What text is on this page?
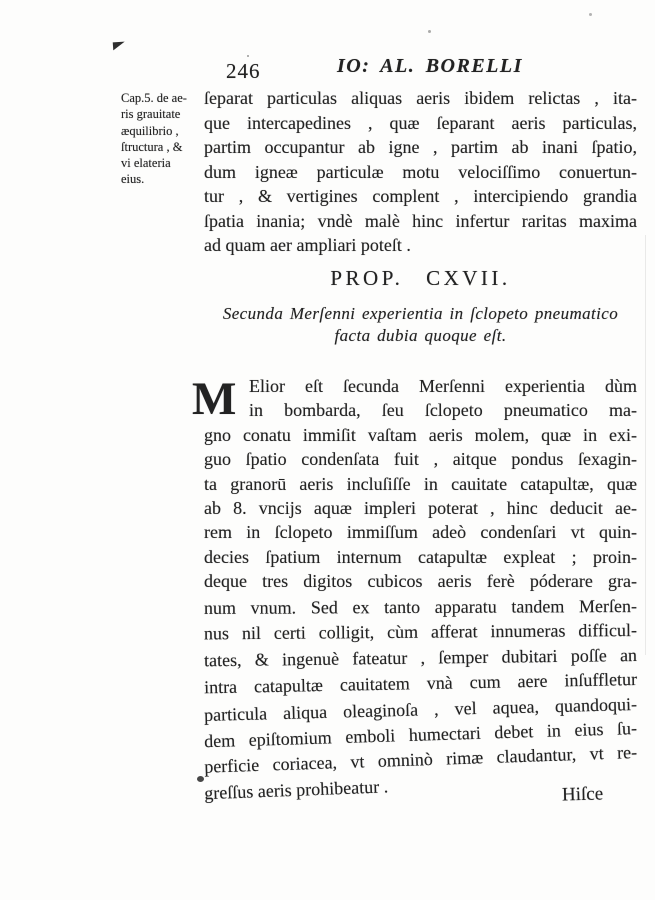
246	IO: AL. BORELLI
Cap.5. de ae-
ris grauitate
æquilibrio ,
ſtructura , &
vi elateria
eius.
ſeparat particulas aliquas aeris ibidem relictas , ita-
que intercapedines , quæ ſeparant aeris particulas,
partim occupantur ab igne , partim ab inani ſpatio,
dum igneæ particulæ motu velociſſimo conuertun-
tur , & vertigines complent , intercipiendo grandia
ſpatia inania; vndè malè hinc infertur raritas maxima
ad quam aer ampliari poteſt .
PROP. CXVII.
Secunda Merſenni experientia in ſclopeto pneumatico
facta dubia quoque eſt.
M Elior eſt ſecunda Merſenni experientia dùm
in bombarda, ſeu ſclopeto pneumatico ma-
gno conatu immiſit vaſtam aeris molem, quæ in exi-
guo ſpatio condenſata fuit , aitque pondus ſexagin-
ta granorū aeris incluſiſſe in cauitate catapultæ, quæ
ab 8. vncijs aquæ impleri poterat , hinc deducit ae-
rem in ſclopeto immiſſum adeò condenſari vt quin-
decies ſpatium internum catapultæ expleat ; proin-
deque tres digitos cubicos aeris ferè póderare gra-
num vnum. Sed ex tanto apparatu tandem Merſen-
nus nil certi colligit, cùm afferat innumeras difficul-
tates, & ingenuè fateatur , ſemper dubitari poſſe an
intra catapultæ cauitatem vnà cum aere inſuffletur
particula aliqua oleaginoſa , vel aquea, quandoqui-
dem epiſtomium emboli humectari debet in eius ſu-
perficie coriacea, vt omninò rimæ claudantur, vt re-
greſſus aeris prohibeatur .	Hiſce
